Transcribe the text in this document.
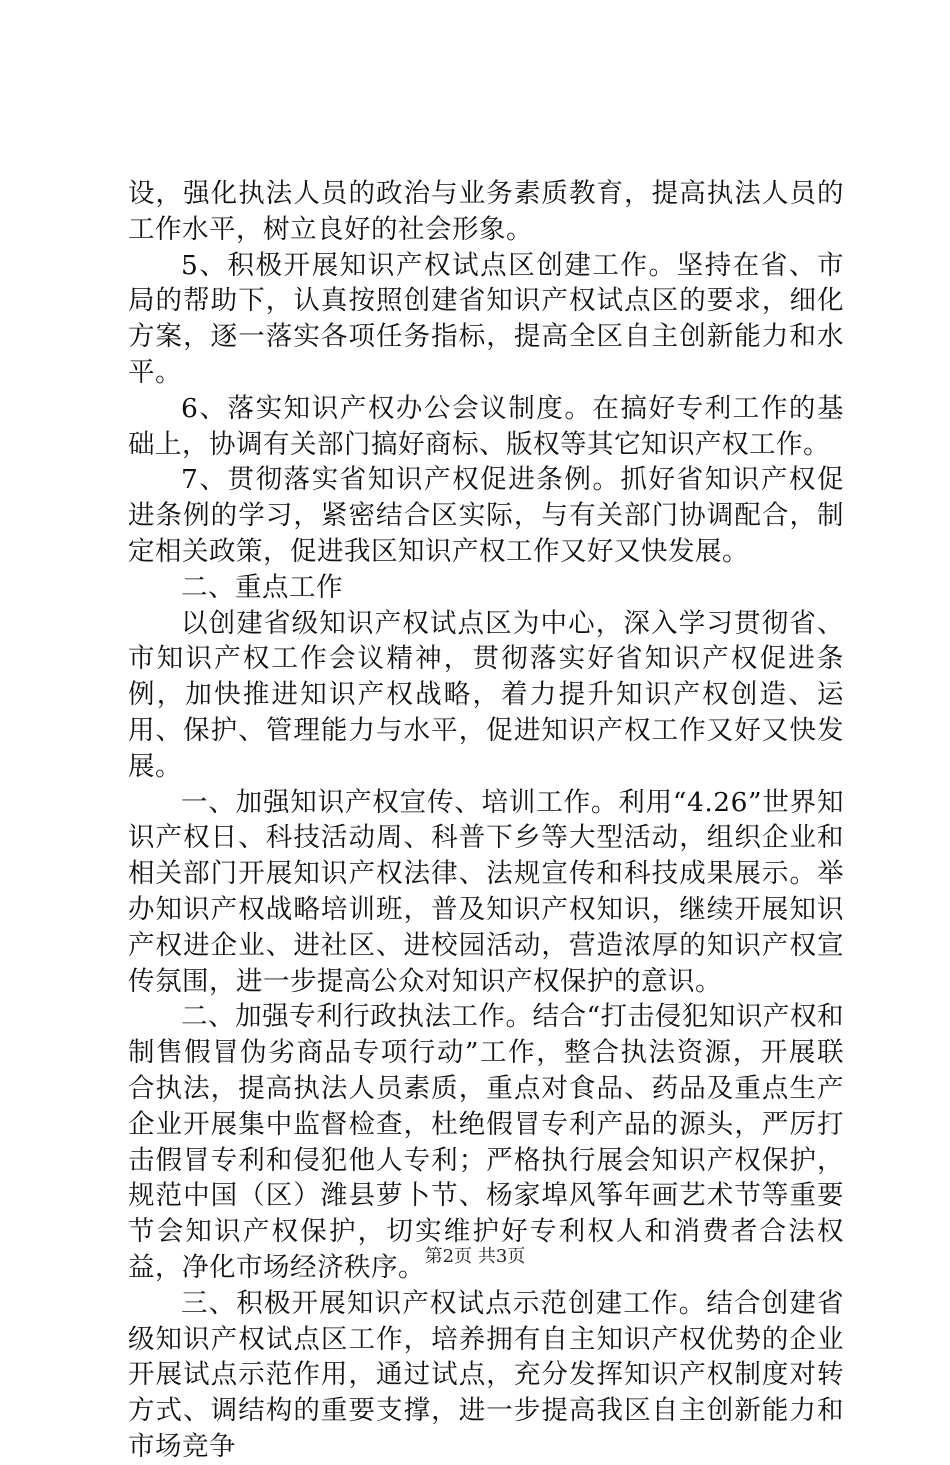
设，强化执法人员的政治与业务素质教育，提高执法人员的工作水平，树立良好的社会形象。

5、积极开展知识产权试点区创建工作。坚持在省、市局的帮助下，认真按照创建省知识产权试点区的要求，细化方案，逐一落实各项任务指标，提高全区自主创新能力和水平。

6、落实知识产权办公会议制度。在搞好专利工作的基础上，协调有关部门搞好商标、版权等其它知识产权工作。

7、贯彻落实省知识产权促进条例。抓好省知识产权促进条例的学习，紧密结合区实际，与有关部门协调配合，制定相关政策，促进我区知识产权工作又好又快发展。

二、重点工作

以创建省级知识产权试点区为中心，深入学习贯彻省、市知识产权工作会议精神，贯彻落实好省知识产权促进条例，加快推进知识产权战略，着力提升知识产权创造、运用、保护、管理能力与水平，促进知识产权工作又好又快发展。

一、加强知识产权宣传、培训工作。利用“4.26”世界知识产权日、科技活动周、科普下乡等大型活动，组织企业和相关部门开展知识产权法律、法规宣传和科技成果展示。举办知识产权战略培训班，普及知识产权知识，继续开展知识产权进企业、进社区、进校园活动，营造浓厚的知识产权宣传氛围，进一步提高公众对知识产权保护的意识。

二、加强专利行政执法工作。结合“打击侵犯知识产权和制售假冒伪劣商品专项行动”工作，整合执法资源，开展联合执法，提高执法人员素质，重点对食品、药品及重点生产企业开展集中监督检查，杜绝假冒专利产品的源头，严厉打击假冒专利和侵犯他人专利；严格执行展会知识产权保护，规范中国（区）潍县萝卜节、杨家埠风筝年画艺术节等重要节会知识产权保护，切实维护好专利权人和消费者合法权益，净化市场经济秩序。

三、积极开展知识产权试点示范创建工作。结合创建省级知识产权试点区工作，培养拥有自主知识产权优势的企业开展试点示范作用，通过试点，充分发挥知识产权制度对转方式、调结构的重要支撑，进一步提高我区自主创新能力和市场竞争

第2页 共3页
